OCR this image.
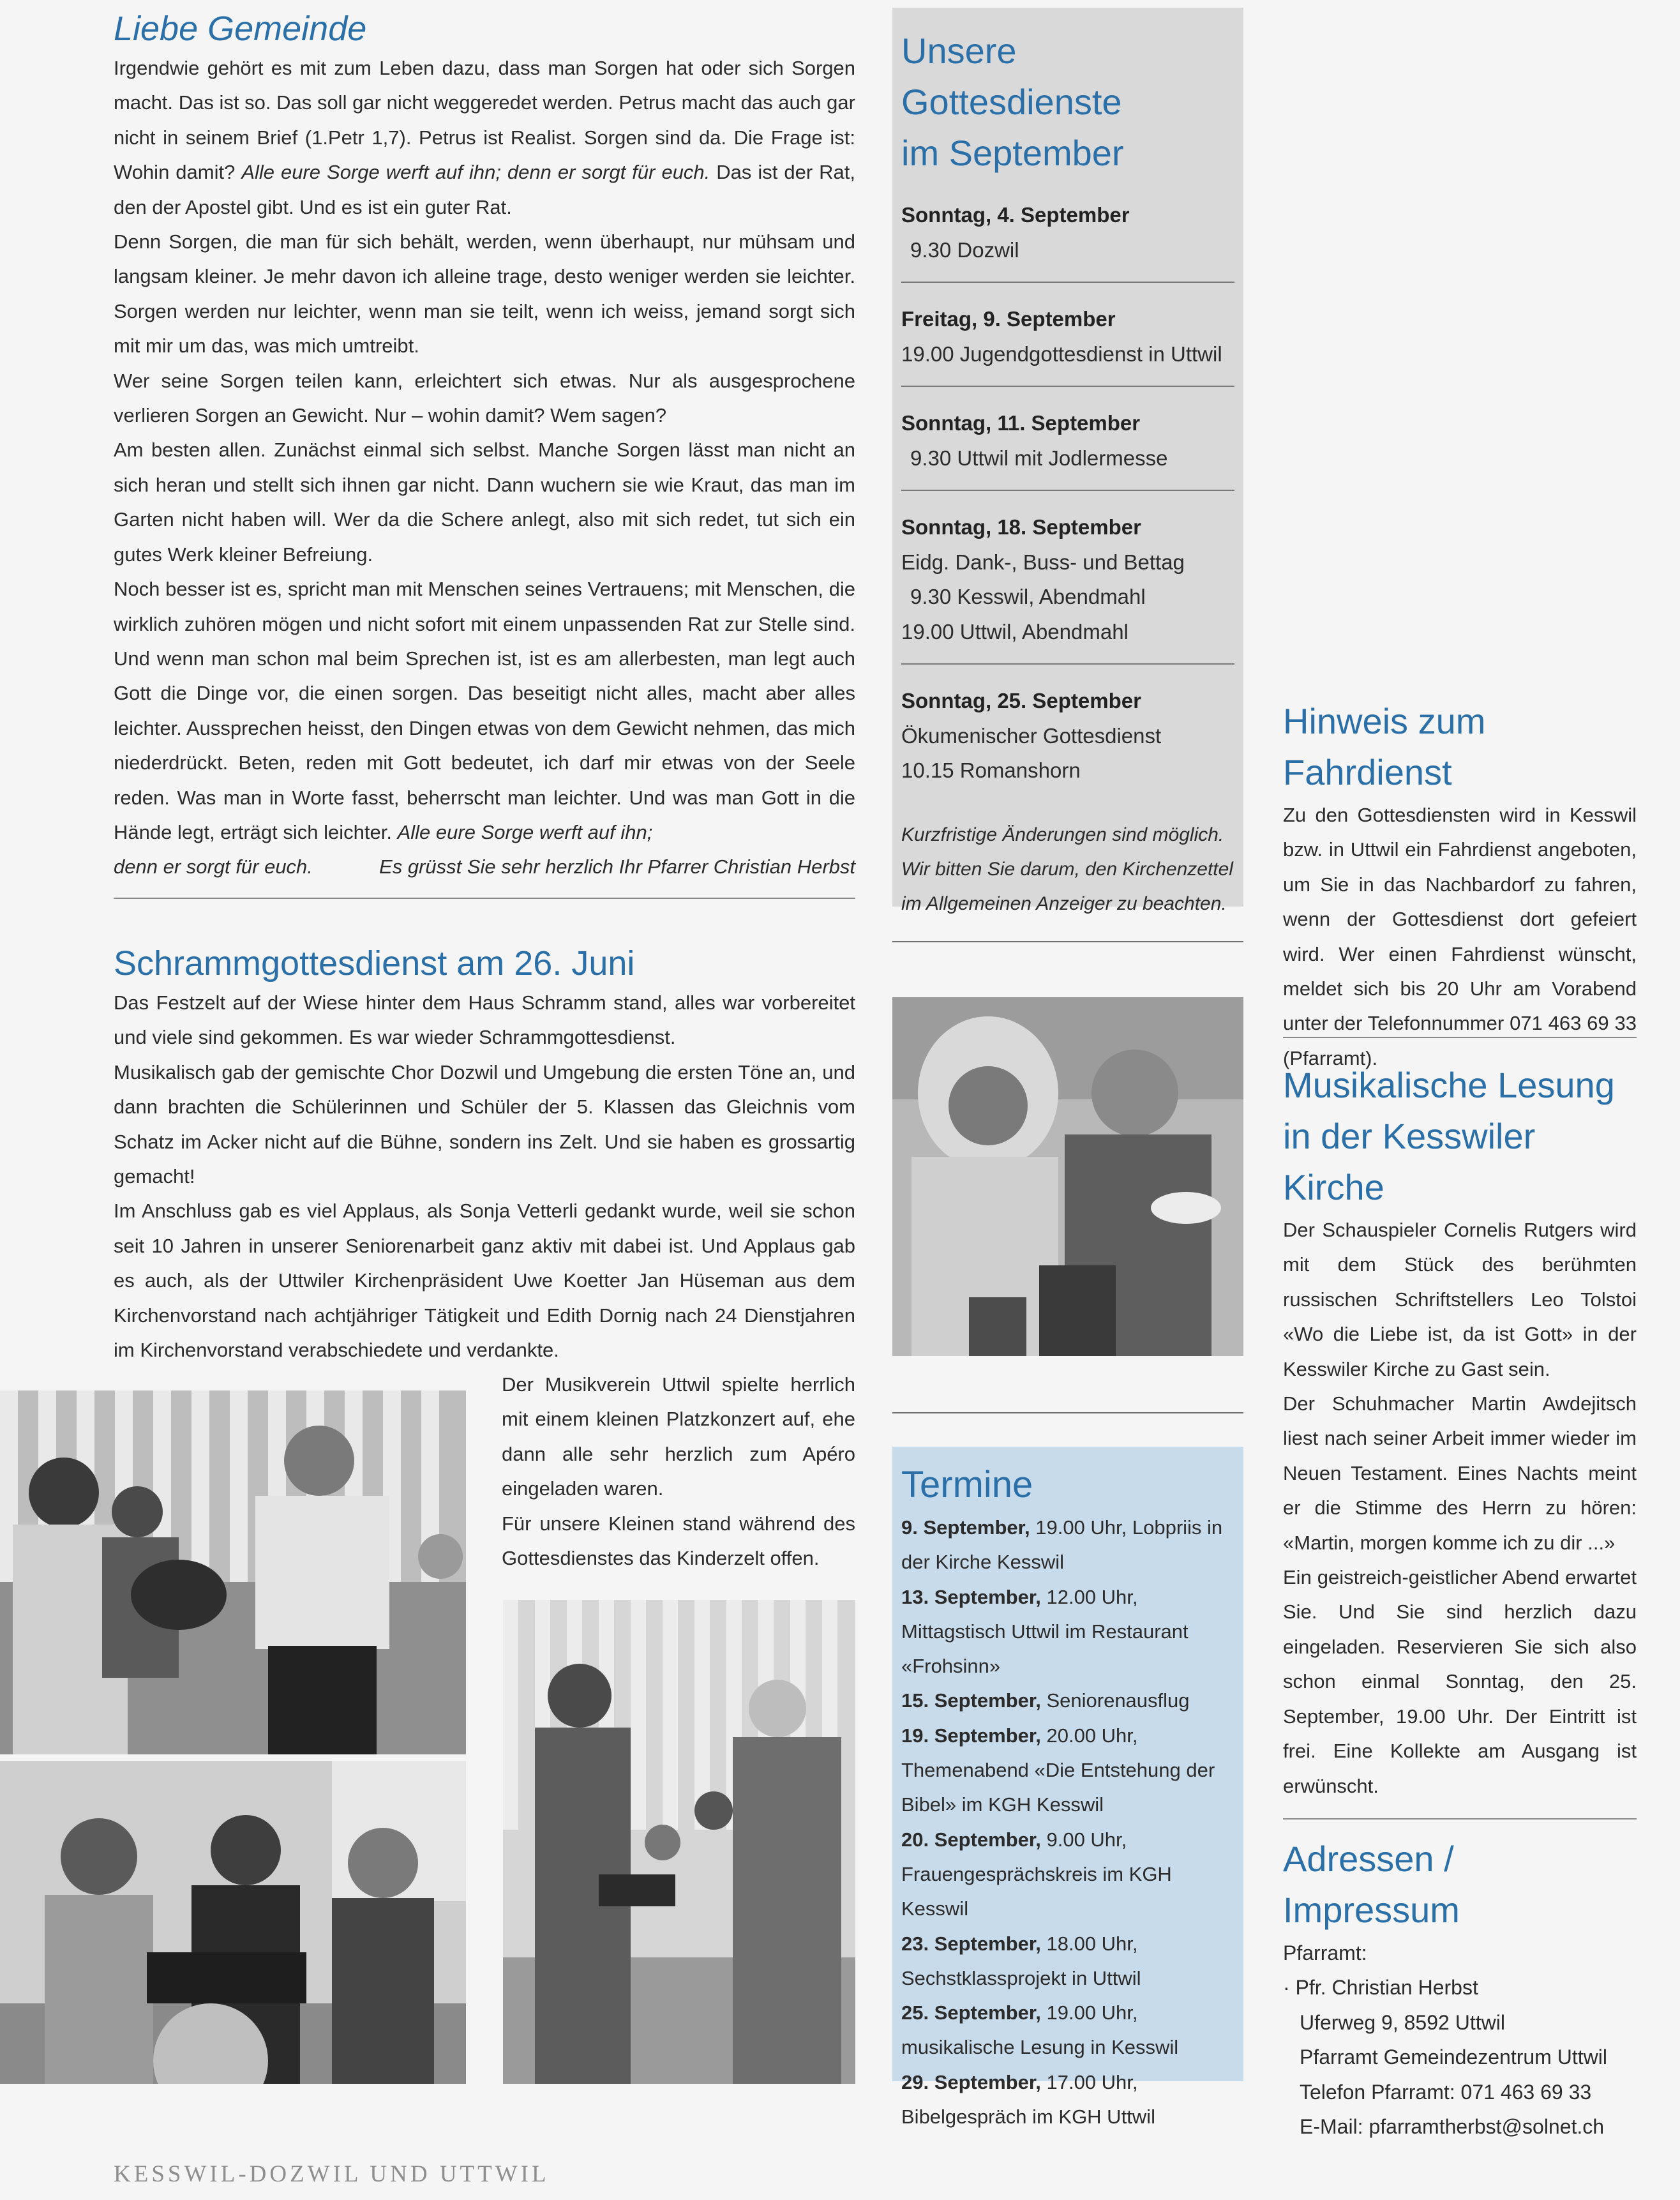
Liebe Gemeinde

Irgendwie gehört es mit zum Leben dazu, dass man Sorgen hat oder sich Sorgen macht. Das ist so. Das soll gar nicht weggeredet werden. Petrus macht das auch gar nicht in seinem Brief (1.Petr 1,7). Petrus ist Realist. Sorgen sind da. Die Frage ist: Wohin damit? Alle eure Sorge werft auf ihn; denn er sorgt für euch. Das ist der Rat, den der Apostel gibt. Und es ist ein guter Rat.

Denn Sorgen, die man für sich behält, werden, wenn überhaupt, nur mühsam und langsam kleiner. Je mehr davon ich alleine trage, desto weniger werden sie leichter. Sorgen werden nur leichter, wenn man sie teilt, wenn ich weiss, jemand sorgt sich mit mir um das, was mich umtreibt.

Wer seine Sorgen teilen kann, erleichtert sich etwas. Nur als ausgesprochene verlieren Sorgen an Gewicht. Nur – wohin damit? Wem sagen?

Am besten allen. Zunächst einmal sich selbst. Manche Sorgen lässt man nicht an sich heran und stellt sich ihnen gar nicht. Dann wuchern sie wie Kraut, das man im Garten nicht haben will. Wer da die Schere anlegt, also mit sich redet, tut sich ein gutes Werk kleiner Befreiung.

Noch besser ist es, spricht man mit Menschen seines Vertrauens; mit Menschen, die wirklich zuhören mögen und nicht sofort mit einem unpassenden Rat zur Stelle sind. Und wenn man schon mal beim Sprechen ist, ist es am allerbesten, man legt auch Gott die Dinge vor, die einen sorgen. Das beseitigt nicht alles, macht aber alles leichter. Aussprechen heisst, den Dingen etwas von dem Gewicht nehmen, das mich niederdrückt. Beten, reden mit Gott bedeutet, ich darf mir etwas von der Seele reden. Was man in Worte fasst, beherrscht man leichter. Und was man Gott in die Hände legt, erträgt sich leichter. Alle eure Sorge werft auf ihn;

denn er sorgt für euch.	Es grüsst Sie sehr herzlich Ihr Pfarrer Christian Herbst
Schrammgottesdienst am 26. Juni

Das Festzelt auf der Wiese hinter dem Haus Schramm stand, alles war vorbereitet und viele sind gekommen. Es war wieder Schrammgottesdienst.

Musikalisch gab der gemischte Chor Dozwil und Umgebung die ersten Töne an, und dann brachten die Schülerinnen und Schüler der 5. Klassen das Gleichnis vom Schatz im Acker nicht auf die Bühne, sondern ins Zelt. Und sie haben es grossartig gemacht!

Im Anschluss gab es viel Applaus, als Sonja Vetterli gedankt wurde, weil sie schon seit 10 Jahren in unserer Seniorenarbeit ganz aktiv mit dabei ist. Und Applaus gab es auch, als der Uttwiler Kirchenpräsident Uwe Koetter Jan Hüseman aus dem Kirchenvorstand nach achtjähriger Tätigkeit und Edith Dornig nach 24 Dienstjahren im Kirchenvorstand verabschiedete und verdankte.

Der Musikverein Uttwil spielte herrlich mit einem kleinen Platzkonzert auf, ehe dann alle sehr herzlich zum Apéro eingeladen waren.

Für unsere Kleinen stand während des Gottesdienstes das Kinderzelt offen.

Unsere Gottesdienste
im September
Sonntag, 4. September
9.30 Dozwil
Freitag, 9. September
19.00 Jugendgottesdienst in Uttwil
Sonntag, 11. September
9.30 Uttwil mit Jodlermesse
Sonntag, 18. September
Eidg. Dank-, Buss- und Bettag
9.30 Kesswil, Abendmahl
19.00 Uttwil, Abendmahl
Sonntag, 25. September
Ökumenischer Gottesdienst
10.15 Romanshorn
Kurzfristige Änderungen sind möglich. Wir bitten Sie darum, den Kirchenzettel im Allgemeinen Anzeiger zu beachten.
Termine
9. September, 19.00 Uhr, Lobpriis in der Kirche Kesswil
13. September, 12.00 Uhr, Mittagstisch Uttwil im Restaurant «Frohsinn»
15. September, Seniorenausflug
19. September, 20.00 Uhr, Themenabend «Die Entstehung der Bibel» im KGH Kesswil
20. September, 9.00 Uhr, Frauengesprächskreis im KGH Kesswil
23. September, 18.00 Uhr, Sechstklassprojekt in Uttwil
25. September, 19.00 Uhr, musikalische Lesung in Kesswil
29. September, 17.00 Uhr, Bibelgespräch im KGH Uttwil
Hinweis zum Fahrdienst

Zu den Gottesdiensten wird in Kesswil bzw. in Uttwil ein Fahrdienst angeboten, um Sie in das Nachbardorf zu fahren, wenn der Gottesdienst dort gefeiert wird. Wer einen Fahrdienst wünscht, meldet sich bis 20 Uhr am Vorabend unter der Telefonnummer 071 463 69 33 (Pfarramt).

Musikalische Lesung
in der Kesswiler Kirche

Der Schauspieler Cornelis Rutgers wird mit dem Stück des berühmten russischen Schriftstellers Leo Tolstoi «Wo die Liebe ist, da ist Gott» in der Kesswiler Kirche zu Gast sein.

Der Schuhmacher Martin Awdejitsch liest nach seiner Arbeit immer wieder im Neuen Testament. Eines Nachts meint er die Stimme des Herrn zu hören: «Martin, morgen komme ich zu dir ...»

Ein geistreich-geistlicher Abend erwartet Sie. Und Sie sind herzlich dazu eingeladen. Reservieren Sie sich also schon einmal Sonntag, den 25. September, 19.00 Uhr. Der Eintritt ist frei. Eine Kollekte am Ausgang ist erwünscht.

Adressen / Impressum
Pfarramt:
· Pfr. Christian Herbst
Uferweg 9, 8592 Uttwil
Pfarramt Gemeindezentrum Uttwil
Telefon Pfarramt: 071 463 69 33
E-Mail: pfarramtherbst@solnet.ch
KESSWIL-DOZWIL UND UTTWIL
